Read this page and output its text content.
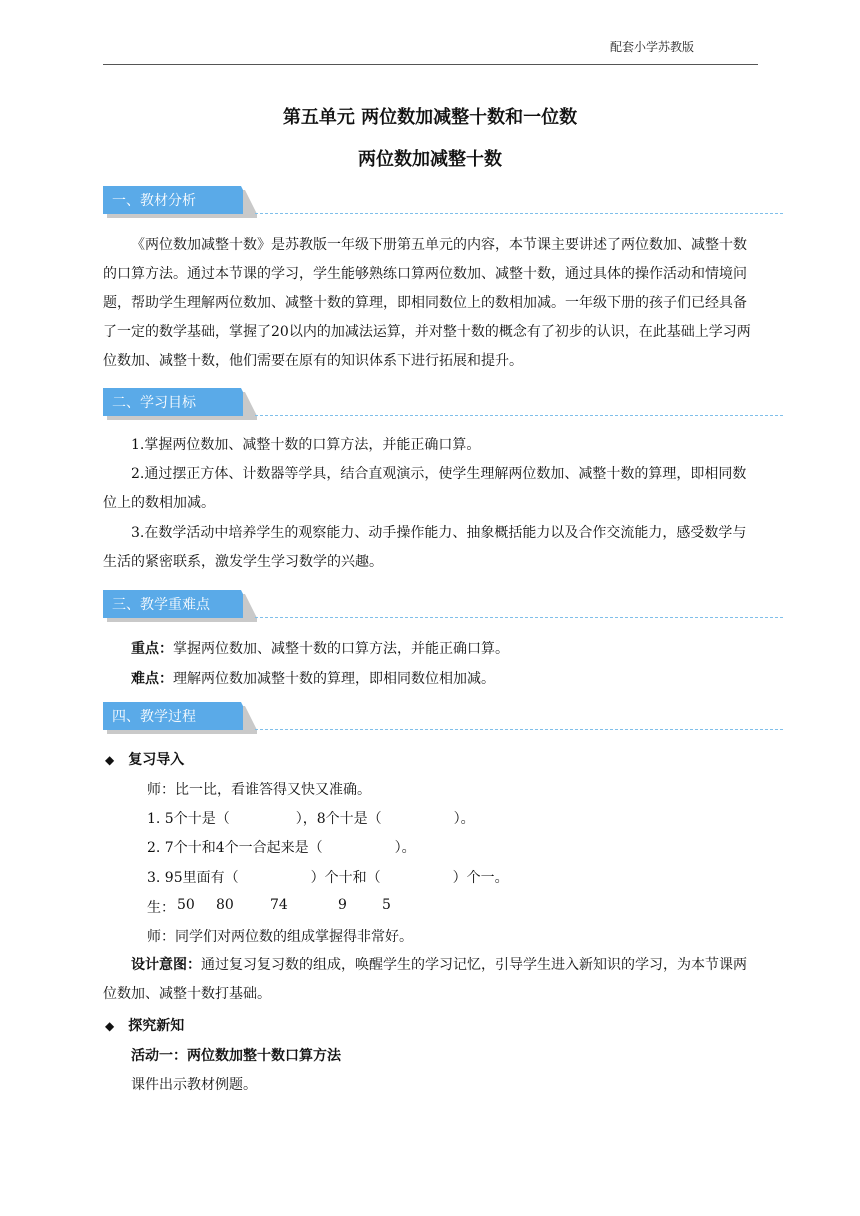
配套小学苏教版
第五单元 两位数加减整十数和一位数
两位数加减整十数
一、教材分析
《两位数加减整十数》是苏教版一年级下册第五单元的内容，本节课主要讲述了两位数加、减整十数的口算方法。通过本节课的学习，学生能够熟练口算两位数加、减整十数，通过具体的操作活动和情境问题，帮助学生理解两位数加、减整十数的算理，即相同数位上的数相加减。一年级下册的孩子们已经具备了一定的数学基础，掌握了20以内的加减法运算，并对整十数的概念有了初步的认识，在此基础上学习两位数加、减整十数，他们需要在原有的知识体系下进行拓展和提升。
二、学习目标
1.掌握两位数加、减整十数的口算方法，并能正确口算。
2.通过摆正方体、计数器等学具，结合直观演示，使学生理解两位数加、减整十数的算理，即相同数位上的数相加减。
3.在数学活动中培养学生的观察能力、动手操作能力、抽象概括能力以及合作交流能力，感受数学与生活的紧密联系，激发学生学习数学的兴趣。
三、教学重难点
重点：掌握两位数加、减整十数的口算方法，并能正确口算。
难点：理解两位数加减整十数的算理，即相同数位相加减。
四、教学过程
◆ 复习导入
师：比一比，看谁答得又快又准确。
1. 5个十是（	），8个十是（	）。
2. 7个十和4个一合起来是（	）。
3. 95里面有（	）个十和（	）个一。
生： 50 80	74	9	5
师：同学们对两位数的组成掌握得非常好。
设计意图：通过复习复习数的组成，唤醒学生的学习记忆，引导学生进入新知识的学习，为本节课两位数加、减整十数打基础。
◆ 探究新知
活动一：两位数加整十数口算方法
课件出示教材例题。
